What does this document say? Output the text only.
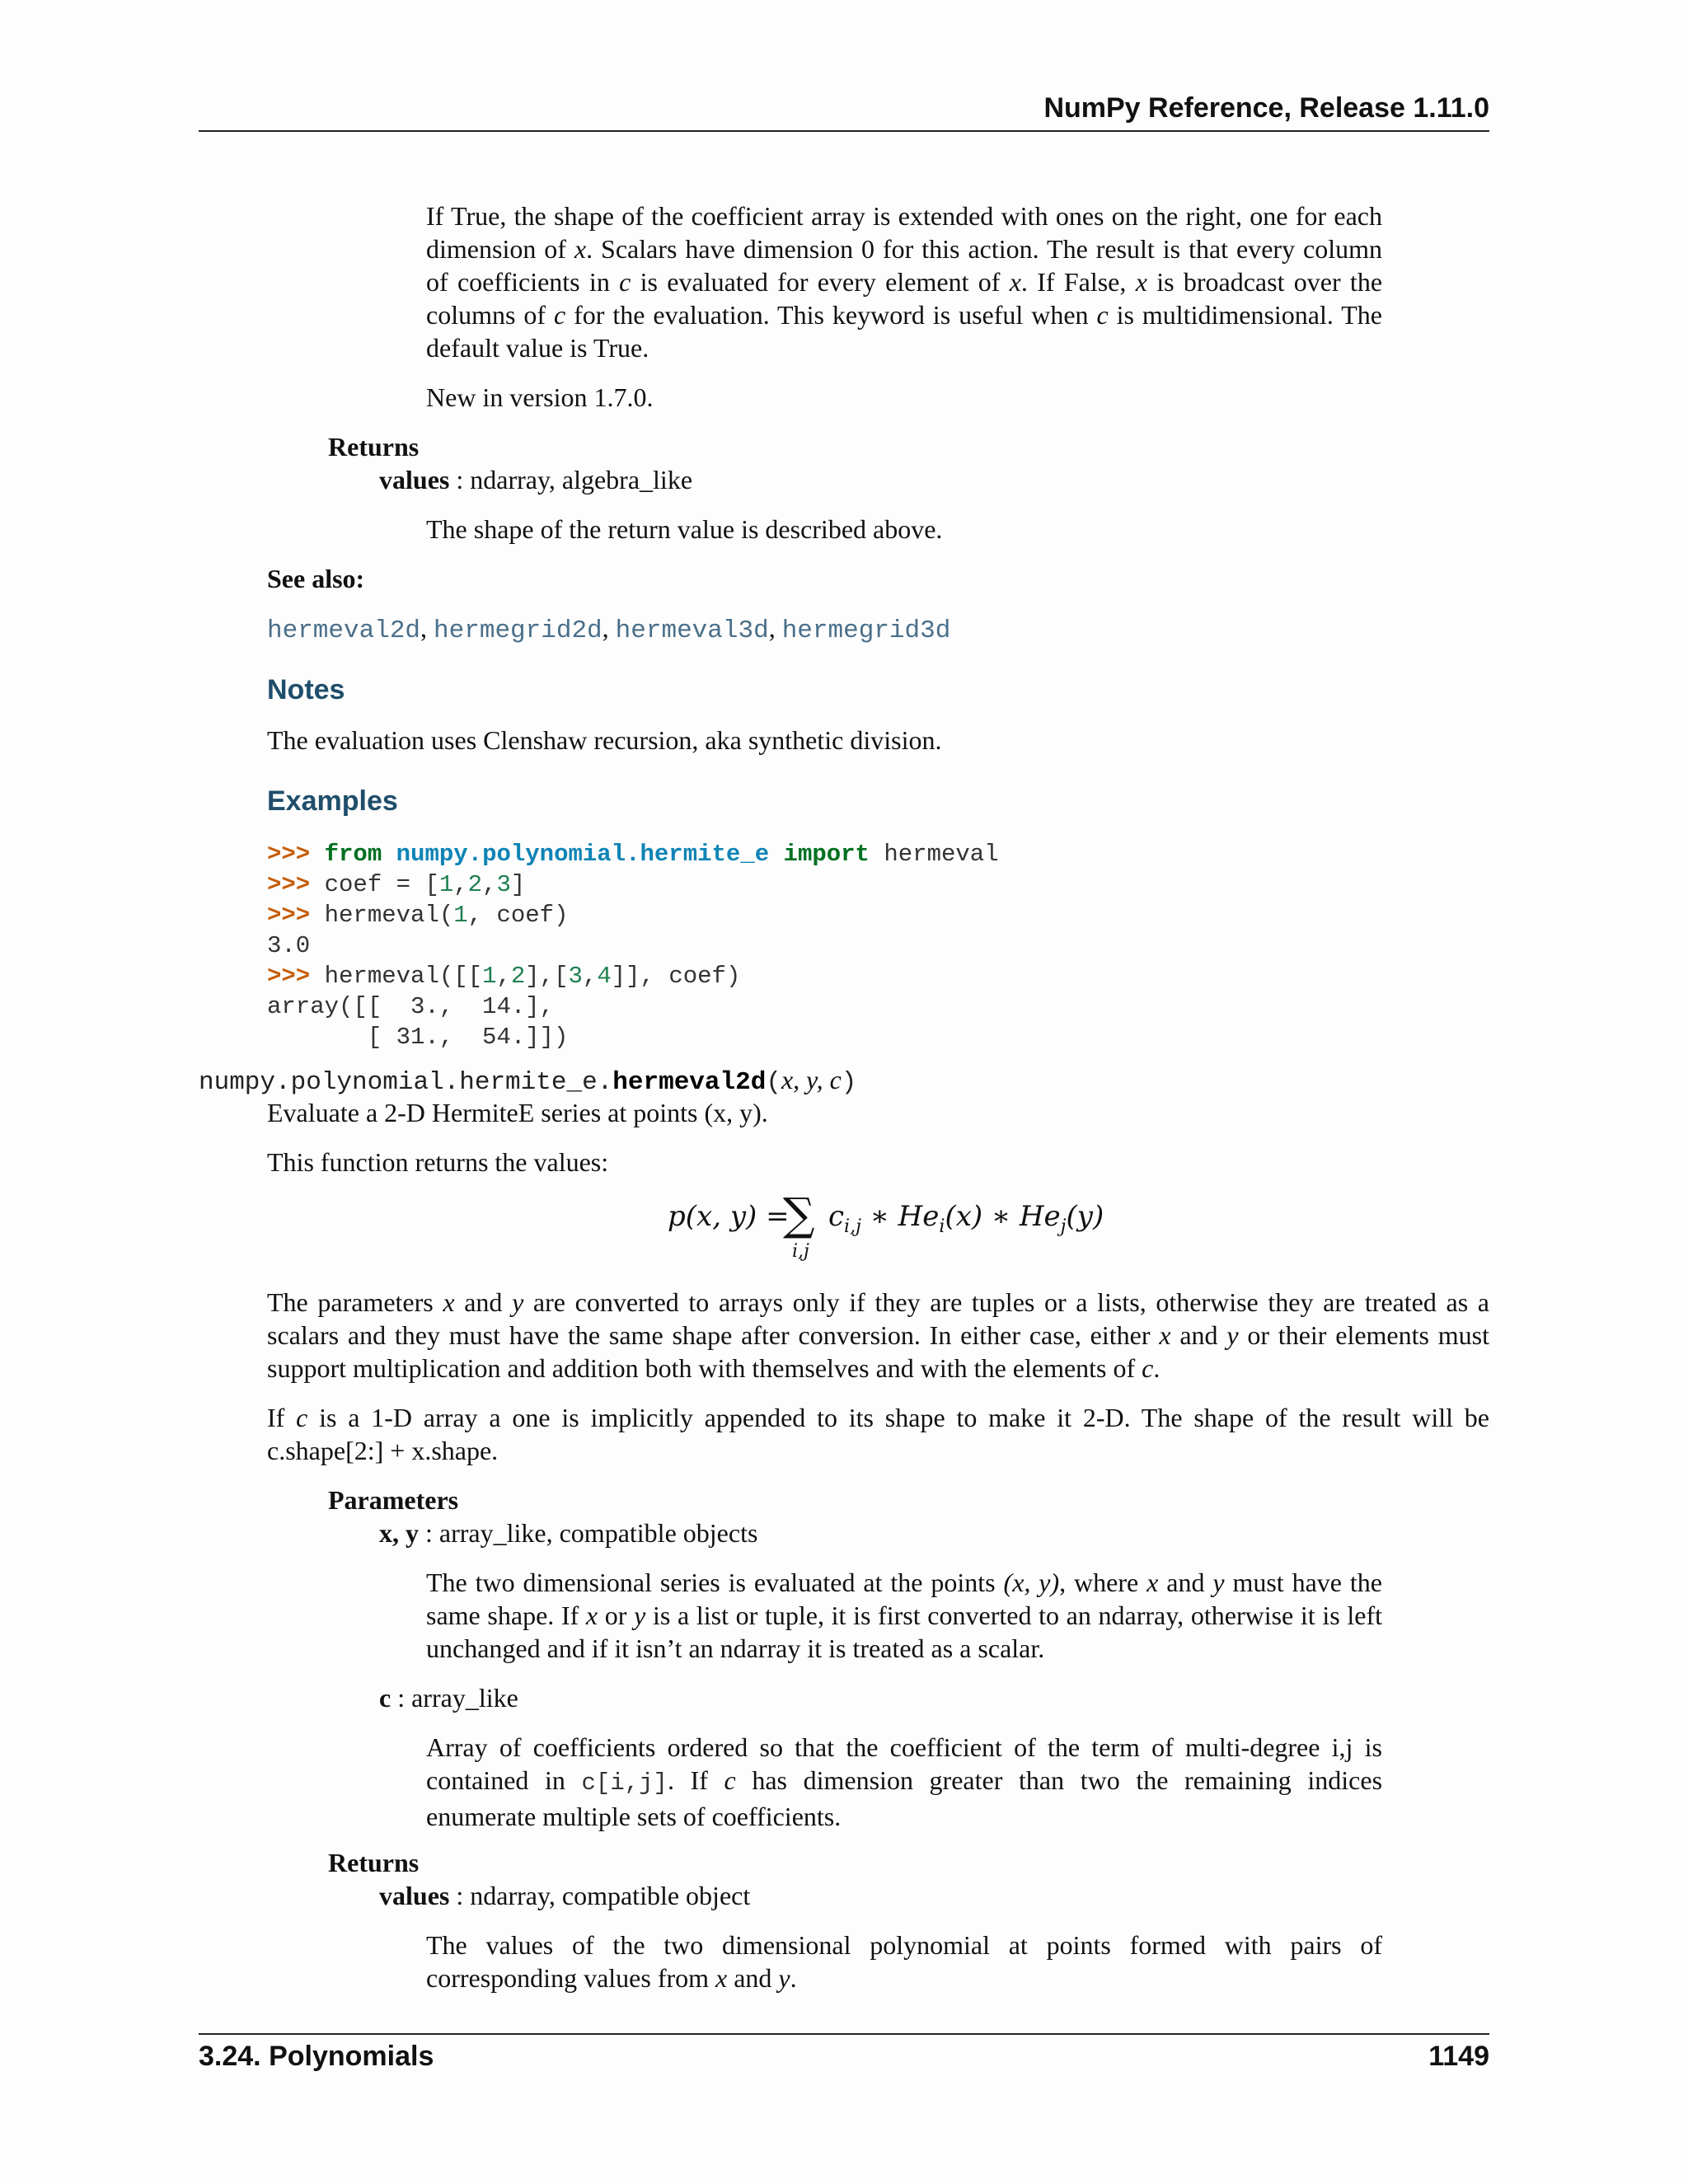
NumPy Reference, Release 1.11.0

If True, the shape of the coefficient array is extended with ones on the right, one for each dimension of x. Scalars have dimension 0 for this action. The result is that every column of coefficients in c is evaluated for every element of x. If False, x is broadcast over the columns of c for the evaluation. This keyword is useful when c is multidimensional. The default value is True.

New in version 1.7.0.

Returns

values : ndarray, algebra_like

The shape of the return value is described above.

See also:

hermeval2d, hermegrid2d, hermeval3d, hermegrid3d

Notes

The evaluation uses Clenshaw recursion, aka synthetic division.

Examples
>>> from numpy.polynomial.hermite_e import hermeval
>>> coef = [1,2,3]
>>> hermeval(1, coef)
3.0
>>> hermeval([[1,2],[3,4]], coef)
array([[  3.,  14.],
[ 31.,  54.]])
numpy.polynomial.hermite_e.hermeval2d(x, y, c)

Evaluate a 2-D HermiteE series at points (x, y).

This function returns the values:

p(x, y) =
∑
i,j
$c_{i,j}$ ∗ $He_i(x)$ ∗ $He_j(y)$

The parameters x and y are converted to arrays only if they are tuples or a lists, otherwise they are treated as a scalars and they must have the same shape after conversion. In either case, either x and y or their elements must support multiplication and addition both with themselves and with the elements of c.

If c is a 1-D array a one is implicitly appended to its shape to make it 2-D. The shape of the result will be c.shape[2:] + x.shape.

Parameters

x, y : array_like, compatible objects

The two dimensional series is evaluated at the points (x, y), where x and y must have the same shape. If x or y is a list or tuple, it is first converted to an ndarray, otherwise it is left unchanged and if it isn’t an ndarray it is treated as a scalar.

c : array_like

Array of coefficients ordered so that the coefficient of the term of multi-degree i,j is contained in c[i,j]. If c has dimension greater than two the remaining indices enumerate multiple sets of coefficients.

Returns

values : ndarray, compatible object

The values of the two dimensional polynomial at points formed with pairs of corresponding values from x and y.

3.24. Polynomials	1149
